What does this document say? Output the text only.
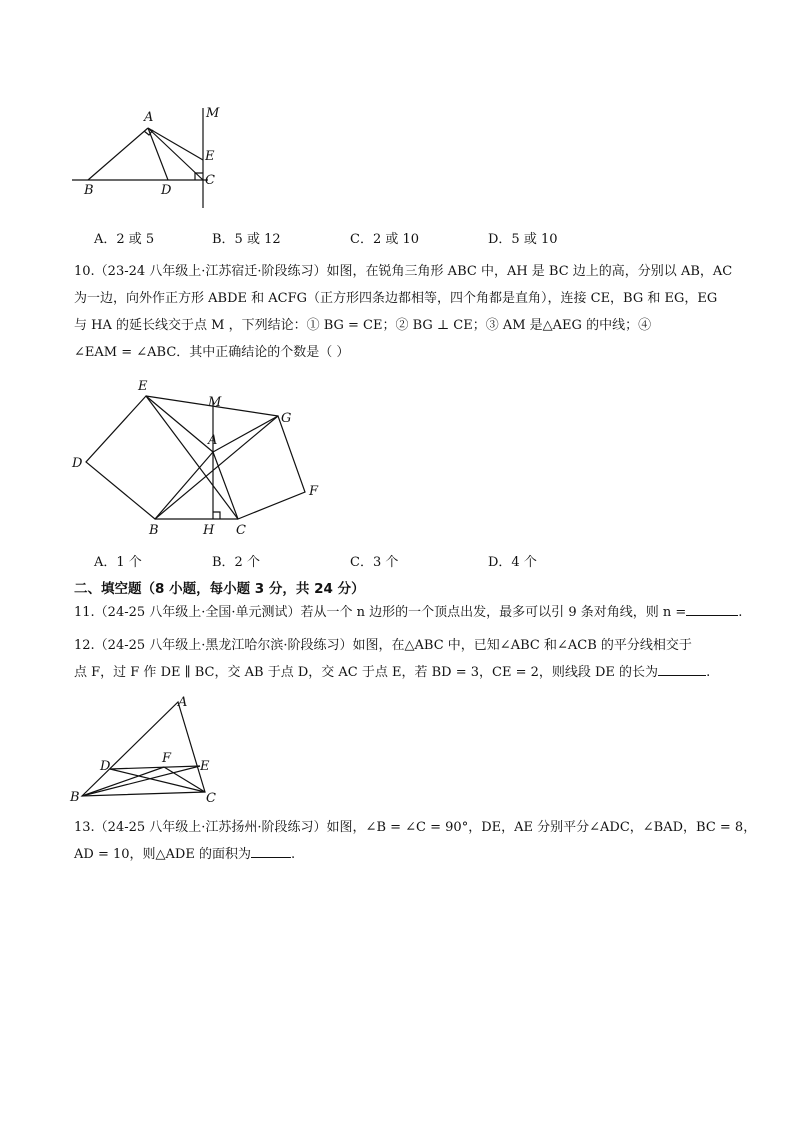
A	M
E
C
B	D
A．2 或 5	B．5 或 12	C．2 或 10	D．5 或 10
10.（23-24 八年级上·江苏宿迁·阶段练习）如图，在锐角三角形 ABC 中，AH 是 BC 边上的高，分别以 AB，AC
为一边，向外作正方形 ABDE 和 ACFG（正方形四条边都相等，四个角都是直角），连接 CE，BG 和 EG，EG
与 HA 的延长线交于点 M ，下列结论：① BG = CE；② BG ⊥ CE；③ AM 是△AEG 的中线；④
∠EAM = ∠ABC．其中正确结论的个数是（ ）
E
M
G
A
D
F
B	H C
A．1 个	B．2 个	C．3 个	D．4 个
二、填空题（8 小题，每小题 3 分，共 24 分）
11.（24-25 八年级上·全国·单元测试）若从一个 n 边形的一个顶点出发，最多可以引 9 条对角线，则 n =	.
12.（24-25 八年级上·黑龙江哈尔滨·阶段练习）如图，在△ABC 中，已知∠ABC 和∠ACB 的平分线相交于
点 F，过 F 作 DE ∥ BC，交 AB 于点 D，交 AC 于点 E，若 BD = 3，CE = 2，则线段 DE 的长为	.
A
F
D	E
B	C
13.（24-25 八年级上·江苏扬州·阶段练习）如图，∠B = ∠C = 90°，DE，AE 分别平分∠ADC，∠BAD，BC = 8，
AD = 10，则△ADE 的面积为	.
